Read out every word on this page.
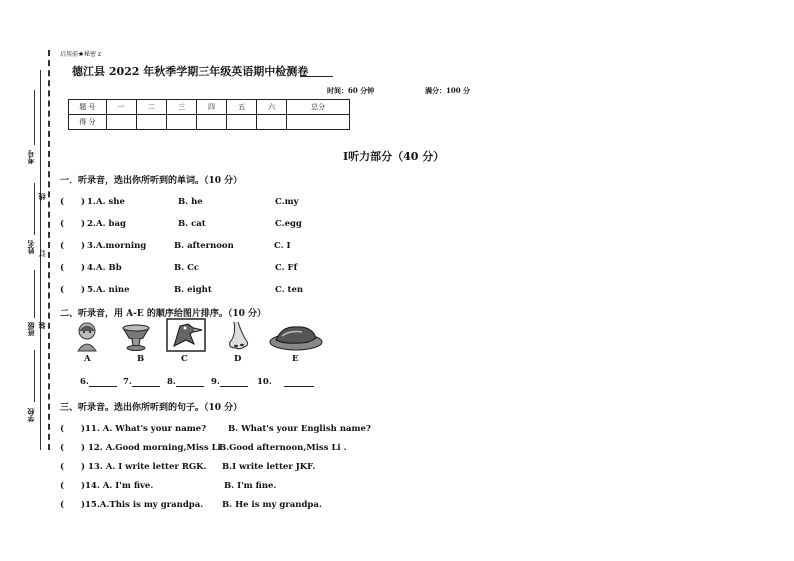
考号
线
姓名 订
班级 装
学校
启用前★秘密 z
德江县 2022 年秋季学期三年级英语期中检测卷
时间：60 分钟	满分：100 分
题 号	一	二	三	四	五	六	总分
得 分							
Ⅰ听力部分（40 分）
一．听录音，选出你所听到的单词。（10 分）
( ) 1. A. she	B. he	C.my
( ) 2. A. bag	B. cat	C.egg
( ) 3. A.morning	B. afternoon	C. I
( ) 4. A. Bb	B. Cc	C. Ff
( ) 5. A. nine	B. eight	C. ten
二、听录音，用 A-E 的顺序给图片排序。（10 分）
A	B	C	D	E
6.	7.	8.	9.	10.
三、听录音。选出你所听到的句子。（10 分）
( )11. A. What's your name?	B. What's your English name?
( ) 12. A.Good morning,Miss Li
B.Good afternoon,Miss Li .
( ) 13. A. I write letter RGK. B.I write letter JKF.
( )14. A. I'm five.	B. I'm fine.
( )15.A.This is my grandpa. B. He is my grandpa.
